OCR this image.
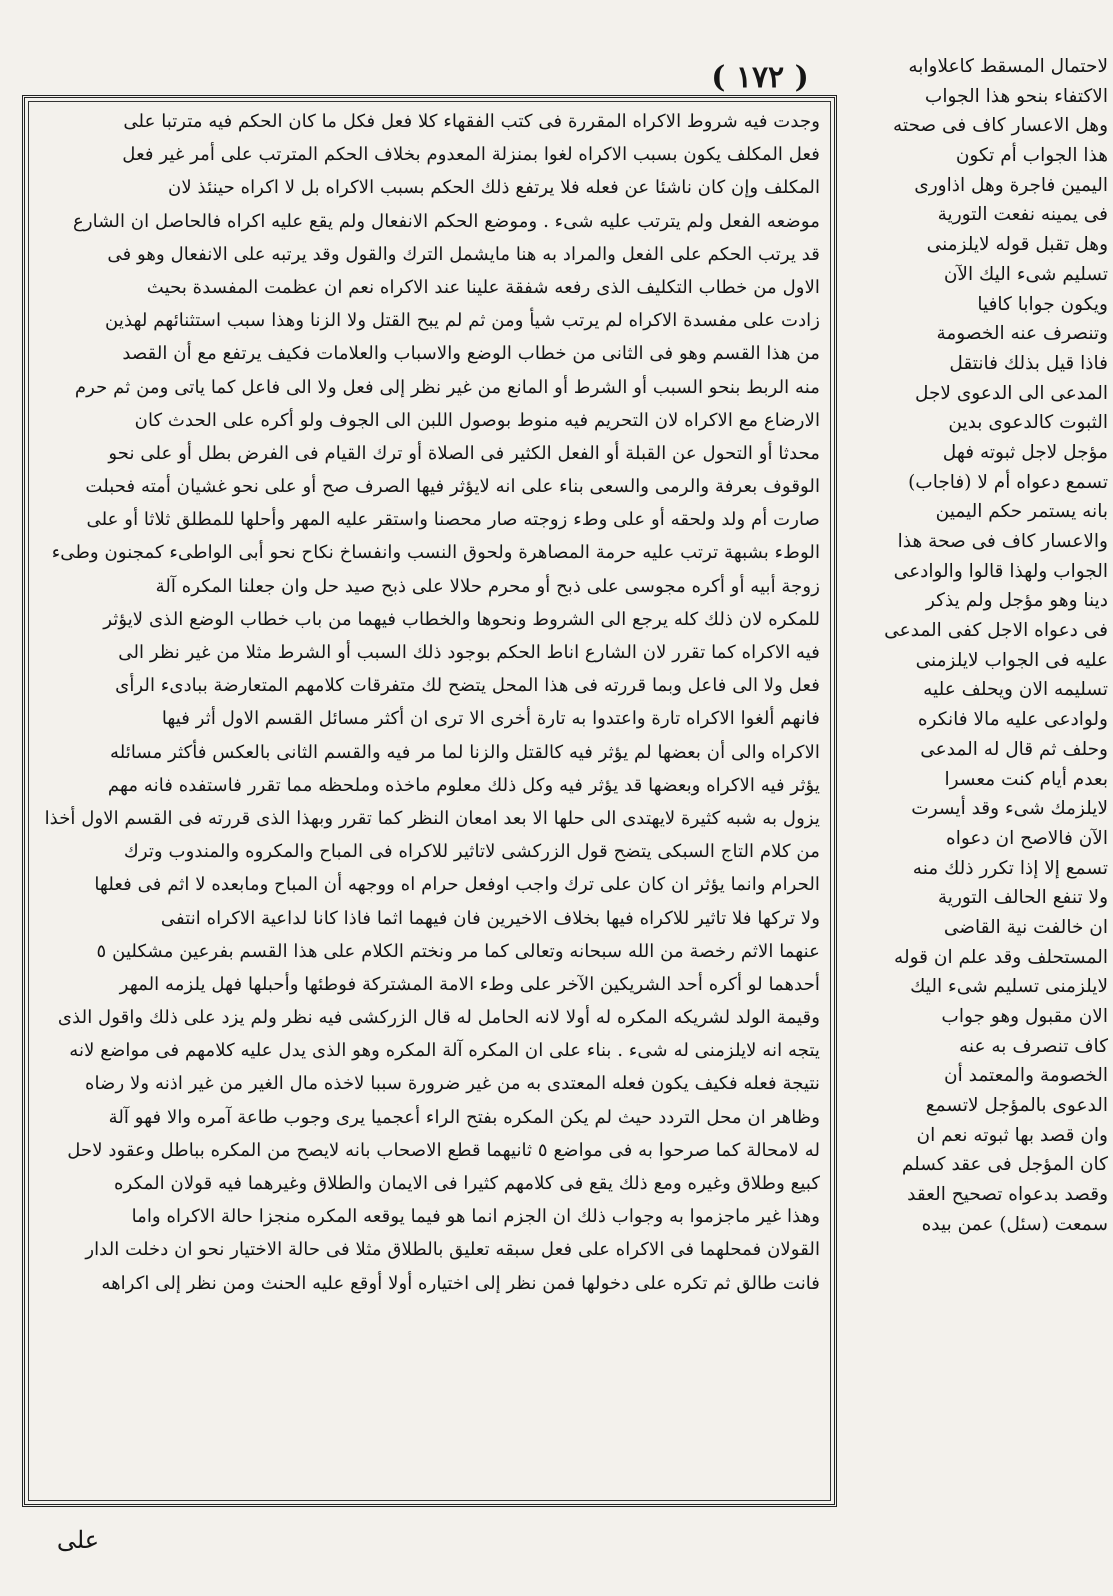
( ١٧٢ )	لاحتمال المسقط كاعلاوابه
الاكتفاء بنحو هذا الجواب
وهل الاعسار كاف فى صحته
هذا الجواب أم تكون
اليمين فاجرة وهل اذاورى
فى يمينه نفعت التورية
وهل تقبل قوله لايلزمنى
تسليم شىء اليك الآن
ويكون جوابا كافيا
وتنصرف عنه الخصومة
فاذا قيل بذلك فانتقل
المدعى الى الدعوى لاجل
الثبوت كالدعوى بدين
مؤجل لاجل ثبوته فهل
تسمع دعواه أم لا (فاجاب)
بانه يستمر حكم اليمين
والاعسار كاف فى صحة هذا
الجواب ولهذا قالوا والوادعى
دينا وهو مؤجل ولم يذكر
فى دعواه الاجل كفى المدعى
عليه فى الجواب لايلزمنى
تسليمه الان ويحلف عليه
ولوادعى عليه مالا فانكره
وحلف ثم قال له المدعى
بعدم أيام كنت معسرا
لايلزمك شىء وقد أيسرت
الآن فالاصح ان دعواه
تسمع إلا إذا تكرر ذلك منه
ولا تنفع الحالف التورية
ان خالفت نية القاضى
المستحلف وقد علم ان قوله
لايلزمنى تسليم شىء اليك
الان مقبول وهو جواب
كاف تنصرف به عنه
الخصومة والمعتمد أن
الدعوى بالمؤجل لاتسمع
وان قصد بها ثبوته نعم ان
كان المؤجل فى عقد كسلم
وقصد بدعواه تصحيح العقد
سمعت (سئل) عمن بيده
وجدت فيه شروط الاكراه المقررة فى كتب الفقهاء كلا فعل فكل ما كان الحكم فيه مترتبا على
فعل المكلف يكون بسبب الاكراه لغوا بمنزلة المعدوم بخلاف الحكم المترتب على أمر غير فعل
المكلف وإن كان ناشئا عن فعله فلا يرتفع ذلك الحكم بسبب الاكراه بل لا اكراه حينئذ لان
موضعه الفعل ولم يترتب عليه شىء . وموضع الحكم الانفعال ولم يقع عليه اكراه فالحاصل ان الشارع
قد يرتب الحكم على الفعل والمراد به هنا مايشمل الترك والقول وقد يرتبه على الانفعال وهو فى
الاول من خطاب التكليف الذى رفعه شفقة علينا عند الاكراه نعم ان عظمت المفسدة بحيث
زادت على مفسدة الاكراه لم يرتب شيأ ومن ثم لم يبح القتل ولا الزنا وهذا سبب استثنائهم لهذين
من هذا القسم وهو فى الثانى من خطاب الوضع والاسباب والعلامات فكيف يرتفع مع أن القصد
منه الربط بنحو السبب أو الشرط أو المانع من غير نظر إلى فعل ولا الى فاعل كما ياتى ومن ثم حرم
الارضاع مع الاكراه لان التحريم فيه منوط بوصول اللبن الى الجوف ولو أكره على الحدث كان
محدثا أو التحول عن القبلة أو الفعل الكثير فى الصلاة أو ترك القيام فى الفرض بطل أو على نحو
الوقوف بعرفة والرمى والسعى بناء على انه لايؤثر فيها الصرف صح أو على نحو غشيان أمته فحبلت
صارت أم ولد ولحقه أو على وطء زوجته صار محصنا واستقر عليه المهر وأحلها للمطلق ثلاثا أو على
الوطء بشبهة ترتب عليه حرمة المصاهرة ولحوق النسب وانفساخ نكاح نحو أبى الواطىء كمجنون وطىء
زوجة أبيه أو أكره مجوسى على ذبح أو محرم حلالا على ذبح صيد حل وان جعلنا المكره آلة
للمكره لان ذلك كله يرجع الى الشروط ونحوها والخطاب فيهما من باب خطاب الوضع الذى لايؤثر
فيه الاكراه كما تقرر لان الشارع اناط الحكم بوجود ذلك السبب أو الشرط مثلا من غير نظر الى
فعل ولا الى فاعل وبما قررته فى هذا المحل يتضح لك متفرقات كلامهم المتعارضة ببادىء الرأى
فانهم ألغوا الاكراه تارة واعتدوا به تارة أخرى الا ترى ان أكثر مسائل القسم الاول أثر فيها
الاكراه والى أن بعضها لم يؤثر فيه كالقتل والزنا لما مر فيه والقسم الثانى بالعكس فأكثر مسائله
يؤثر فيه الاكراه وبعضها قد يؤثر فيه وكل ذلك معلوم ماخذه وملحظه مما تقرر فاستفده فانه مهم
يزول به شبه كثيرة لايهتدى الى حلها الا بعد امعان النظر كما تقرر وبهذا الذى قررته فى القسم الاول أخذا
من كلام التاج السبكى يتضح قول الزركشى لاتاثير للاكراه فى المباح والمكروه والمندوب وترك
الحرام وانما يؤثر ان كان على ترك واجب اوفعل حرام اه ووجهه أن المباح ومابعده لا اثم فى فعلها
ولا تركها فلا تاثير للاكراه فيها بخلاف الاخيرين فان فيهما اثما فاذا كانا لداعية الاكراه انتفى
عنهما الاثم رخصة من الله سبحانه وتعالى كما مر ونختم الكلام على هذا القسم بفرعين مشكلين ٥
أحدهما لو أكره أحد الشريكين الآخر على وطء الامة المشتركة فوطئها وأحبلها فهل يلزمه المهر
وقيمة الولد لشريكه المكره له أولا لانه الحامل له قال الزركشى فيه نظر ولم يزد على ذلك واقول الذى
يتجه انه لايلزمنى له شىء . بناء على ان المكره آلة المكره وهو الذى يدل عليه كلامهم فى مواضع لانه
نتيجة فعله فكيف يكون فعله المعتدى به من غير ضرورة سببا لاخذه مال الغير من غير اذنه ولا رضاه
وظاهر ان محل التردد حيث لم يكن المكره بفتح الراء أعجميا يرى وجوب طاعة آمره والا فهو آلة
له لامحالة كما صرحوا به فى مواضع ٥ ثانيهما قطع الاصحاب بانه لايصح من المكره بباطل وعقود لاحل
كبيع وطلاق وغيره ومع ذلك يقع فى كلامهم كثيرا فى الايمان والطلاق وغيرهما فيه قولان المكره
وهذا غير ماجزموا به وجواب ذلك ان الجزم انما هو فيما يوقعه المكره منجزا حالة الاكراه واما
القولان فمحلهما فى الاكراه على فعل سبقه تعليق بالطلاق مثلا فى حالة الاختيار نحو ان دخلت الدار
فانت طالق ثم تكره على دخولها فمن نظر إلى اختياره أولا أوقع عليه الحنث ومن نظر إلى اكراهه
على
